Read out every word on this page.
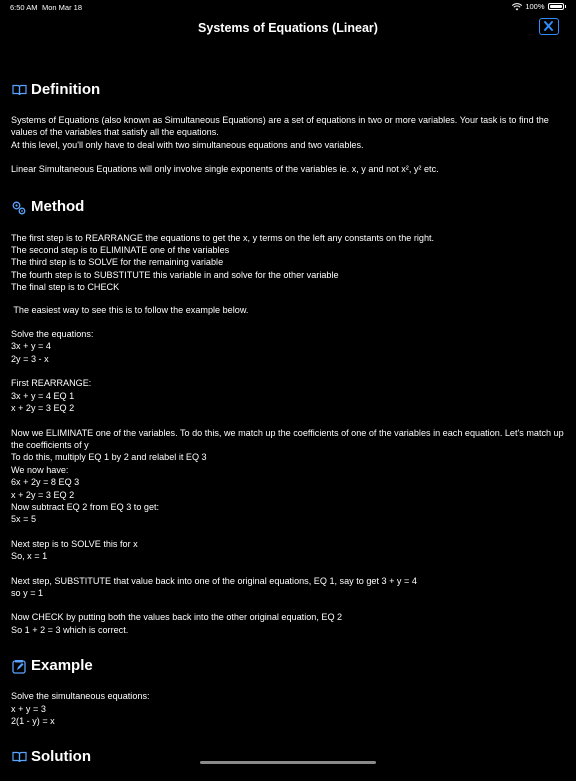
6:50 AM Mon Mar 18	100%
Systems of Equations (Linear)
Definition

Systems of Equations (also known as Simultaneous Equations) are a set of equations in two or more variables. Your task is to find the values of the variables that satisfy all the equations.
At this level, you'll only have to deal with two simultaneous equations and two variables.

Linear Simultaneous Equations will only involve single exponents of the variables ie. x, y and not x², y² etc.

Method

The first step is to REARRANGE the equations to get the x, y terms on the left any constants on the right.
The second step is to ELIMINATE one of the variables
The third step is to SOLVE for the remaining variable
The fourth step is to SUBSTITUTE this variable in and solve for the other variable
The final step is to CHECK

The easiest way to see this is to follow the example below.

Solve the equations:
3x + y = 4
2y = 3 - x

First REARRANGE:
3x + y = 4 EQ 1
x + 2y = 3 EQ 2

Now we ELIMINATE one of the variables. To do this, we match up the coefficients of one of the variables in each equation. Let's match up the coefficients of y
To do this, multiply EQ 1 by 2 and relabel it EQ 3
We now have:
6x + 2y = 8 EQ 3
x + 2y = 3 EQ 2
Now subtract EQ 2 from EQ 3 to get:
5x = 5

Next step is to SOLVE this for x
So, x = 1

Next step, SUBSTITUTE that value back into one of the original equations, EQ 1, say to get 3 + y = 4
so y = 1

Now CHECK by putting both the values back into the other original equation, EQ 2
So 1 + 2 = 3 which is correct.

Example

Solve the simultaneous equations:
x + y = 3
2(1 - y) = x

Solution
